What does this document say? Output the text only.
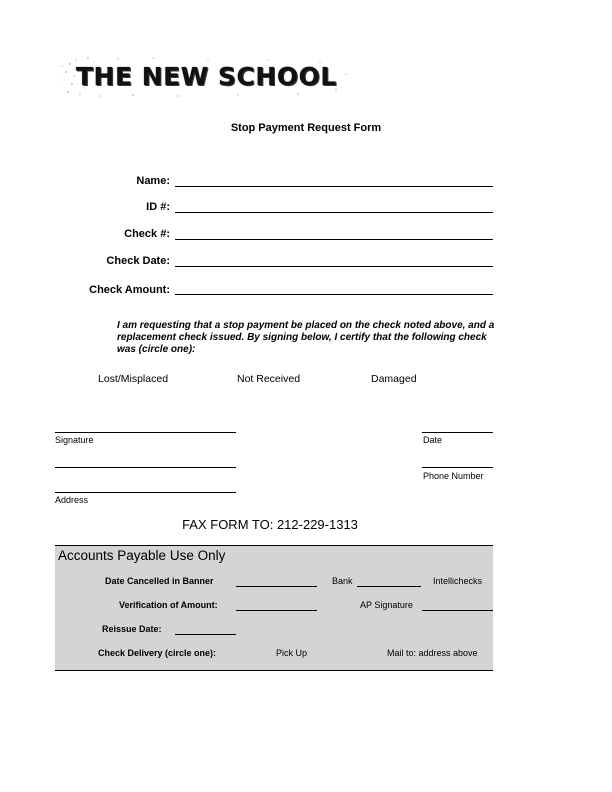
THE NEW SCHOOL
Stop Payment Request Form
Name:
ID #:
Check #:
Check Date:
Check Amount:
I am requesting that a stop payment be placed on the check noted above, and a replacement check issued. By signing below, I certify that the following check was (circle one):
Lost/Misplaced	Not Received	Damaged
Signature	Date
Phone Number
Address
FAX FORM TO: 212-229-1313
Accounts Payable Use Only
Date Cancelled in Banner	Bank	Intellichecks
Verification of Amount:	AP Signature
Reissue Date:
Check Delivery (circle one):	Pick Up	Mail to: address above
